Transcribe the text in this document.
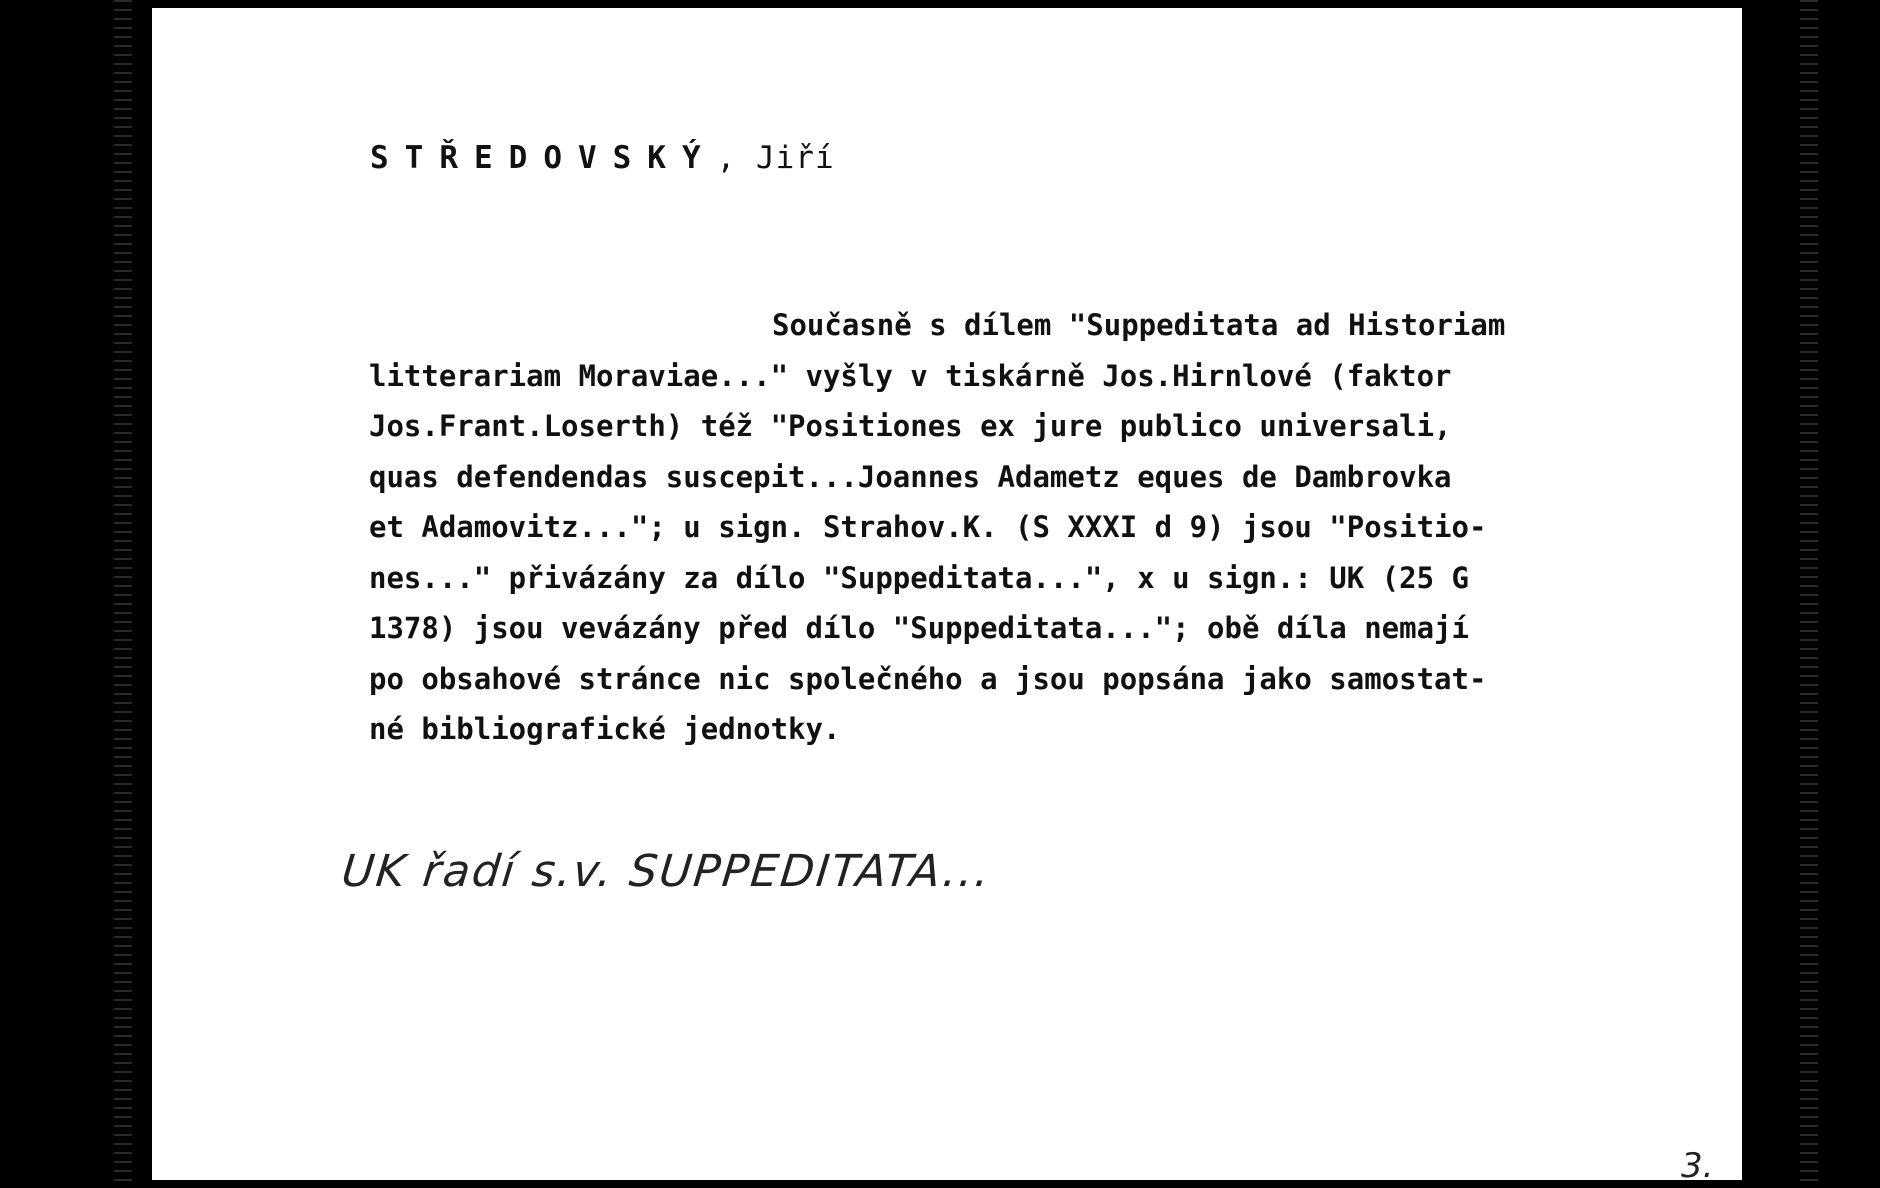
STŘEDOVSKÝ, Jiří
Současně s dílem "Suppeditata ad Historiam
litterariam Moraviae..." vyšly v tiskárně Jos.Hirnlové (faktor
Jos.Frant.Loserth) též "Positiones ex jure publico universali,
quas defendendas suscepit...Joannes Adametz eques de Dambrovka
et Adamovitz..."; u sign. Strahov.K. (S XXXI d 9) jsou "Positio-
nes..." přivázány za dílo "Suppeditata...", x u sign.: UK (25 G
1378) jsou vevázány před dílo "Suppeditata..."; obě díla nemají
po obsahové stránce nic společného a jsou popsána jako samostat-
né bibliografické jednotky.
UK řadí s.v. SUPPEDITATA...
3.
